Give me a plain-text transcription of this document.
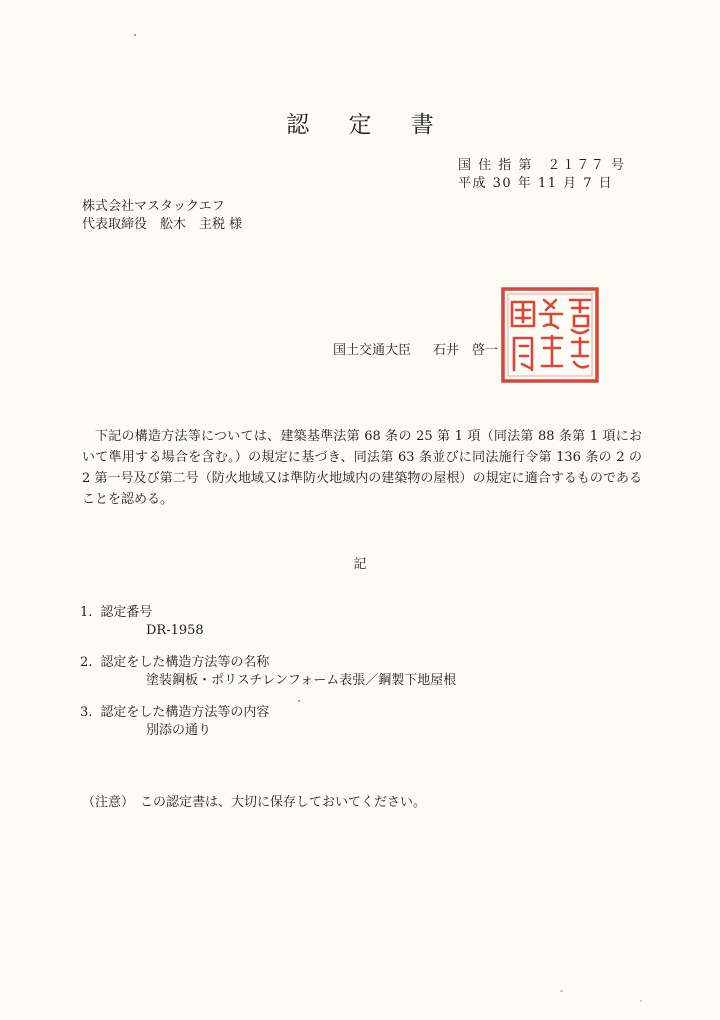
認 定 書
国 住 指 第　２１７７ 号
平成 30 年 11 月 7 日
株式会社マスタックエフ
代表取締役　舩木　主税 様
国土交通大臣 石井　啓一
下記の構造方法等については、建築基準法第 68 条の 25 第 1 項（同法第 88 条第 1 項において準用する場合を含む。）の規定に基づき、同法第 63 条並びに同法施行令第 136 条の 2 の 2 第一号及び第二号（防火地域又は準防火地域内の建築物の屋根）の規定に適合するものであることを認める。
記
1. 認定番号
DR-1958
2. 認定をした構造方法等の名称
塗装鋼板・ポリスチレンフォーム表張／鋼製下地屋根
3. 認定をした構造方法等の内容
別添の通り
（注意） この認定書は、大切に保存しておいてください。
